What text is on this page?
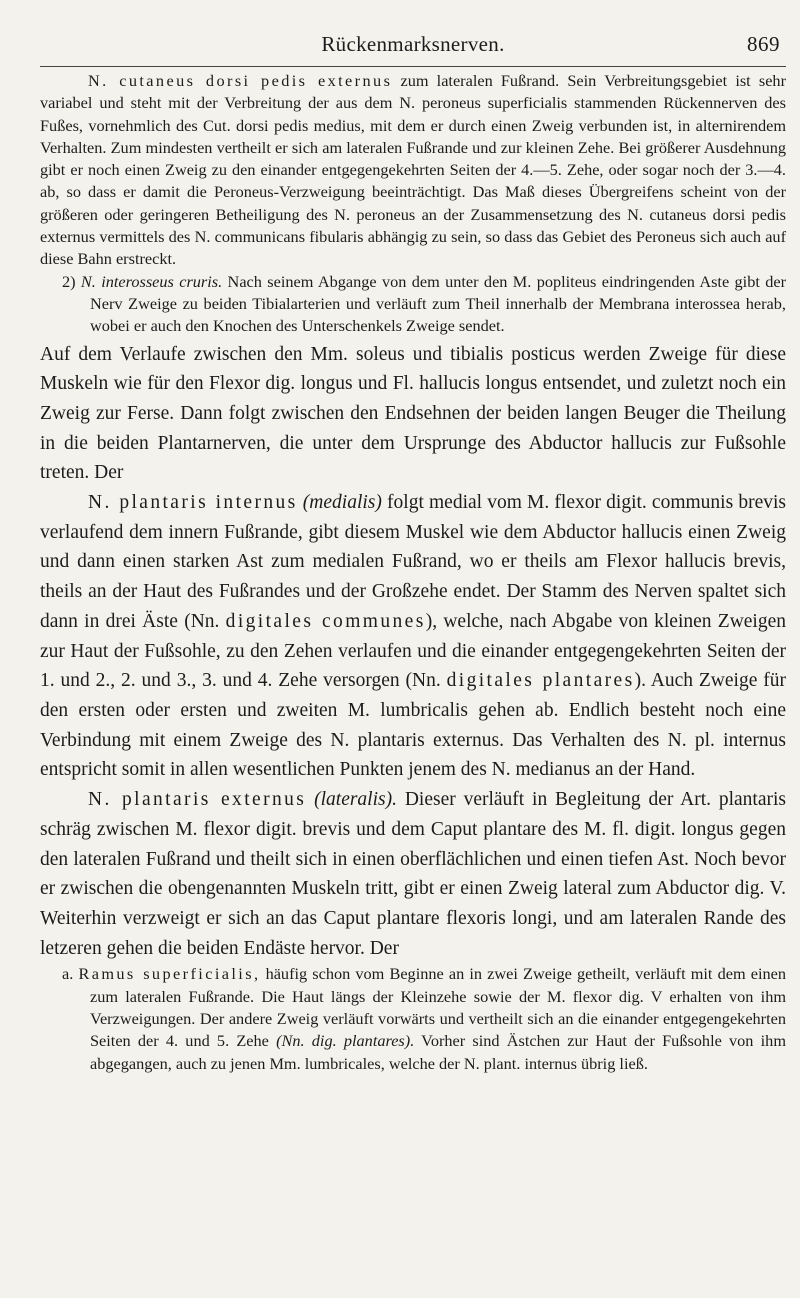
Rückenmarksnerven.	869

N. cutaneus dorsi pedis externus zum lateralen Fußrand. Sein Verbreitungsgebiet ist sehr variabel und steht mit der Verbreitung der aus dem N. peroneus superficialis stammenden Rückennerven des Fußes, vornehmlich des Cut. dorsi pedis medius, mit dem er durch einen Zweig verbunden ist, in alternirendem Verhalten. Zum mindesten vertheilt er sich am lateralen Fußrande und zur kleinen Zehe. Bei größerer Ausdehnung gibt er noch einen Zweig zu den einander entgegengekehrten Seiten der 4.—5. Zehe, oder sogar noch der 3.—4. ab, so dass er damit die Peroneus-Verzweigung beeinträchtigt. Das Maß dieses Übergreifens scheint von der größeren oder geringeren Betheiligung des N. peroneus an der Zusammensetzung des N. cutaneus dorsi pedis externus vermittels des N. communicans fibularis abhängig zu sein, so dass das Gebiet des Peroneus sich auch auf diese Bahn erstreckt.

2) N. interosseus cruris. Nach seinem Abgange von dem unter den M. popliteus eindringenden Aste gibt der Nerv Zweige zu beiden Tibialarterien und verläuft zum Theil innerhalb der Membrana interossea herab, wobei er auch den Knochen des Unterschenkels Zweige sendet.

Auf dem Verlaufe zwischen den Mm. soleus und tibialis posticus werden Zweige für diese Muskeln wie für den Flexor dig. longus und Fl. hallucis longus entsendet, und zuletzt noch ein Zweig zur Ferse. Dann folgt zwischen den Endsehnen der beiden langen Beuger die Theilung in die beiden Plantarnerven, die unter dem Ursprunge des Abductor hallucis zur Fußsohle treten. Der

N. plantaris internus (medialis) folgt medial vom M. flexor digit. communis brevis verlaufend dem innern Fußrande, gibt diesem Muskel wie dem Abductor hallucis einen Zweig und dann einen starken Ast zum medialen Fußrand, wo er theils am Flexor hallucis brevis, theils an der Haut des Fußrandes und der Großzehe endet. Der Stamm des Nerven spaltet sich dann in drei Äste (Nn. digitales communes), welche, nach Abgabe von kleinen Zweigen zur Haut der Fußsohle, zu den Zehen verlaufen und die einander entgegengekehrten Seiten der 1. und 2., 2. und 3., 3. und 4. Zehe versorgen (Nn. digitales plantares). Auch Zweige für den ersten oder ersten und zweiten M. lumbricalis gehen ab. Endlich besteht noch eine Verbindung mit einem Zweige des N. plantaris externus. Das Verhalten des N. pl. internus entspricht somit in allen wesentlichen Punkten jenem des N. medianus an der Hand.

N. plantaris externus (lateralis). Dieser verläuft in Begleitung der Art. plantaris schräg zwischen M. flexor digit. brevis und dem Caput plantare des M. fl. digit. longus gegen den lateralen Fußrand und theilt sich in einen oberflächlichen und einen tiefen Ast. Noch bevor er zwischen die obengenannten Muskeln tritt, gibt er einen Zweig lateral zum Abductor dig. V. Weiterhin verzweigt er sich an das Caput plantare flexoris longi, und am lateralen Rande des letzeren gehen die beiden Endäste hervor. Der

a. Ramus superficialis, häufig schon vom Beginne an in zwei Zweige getheilt, verläuft mit dem einen zum lateralen Fußrande. Die Haut längs der Kleinzehe sowie der M. flexor dig. V erhalten von ihm Verzweigungen. Der andere Zweig verläuft vorwärts und vertheilt sich an die einander entgegengekehrten Seiten der 4. und 5. Zehe (Nn. dig. plantares). Vorher sind Ästchen zur Haut der Fußsohle von ihm abgegangen, auch zu jenen Mm. lumbricales, welche der N. plant. internus übrig ließ.
